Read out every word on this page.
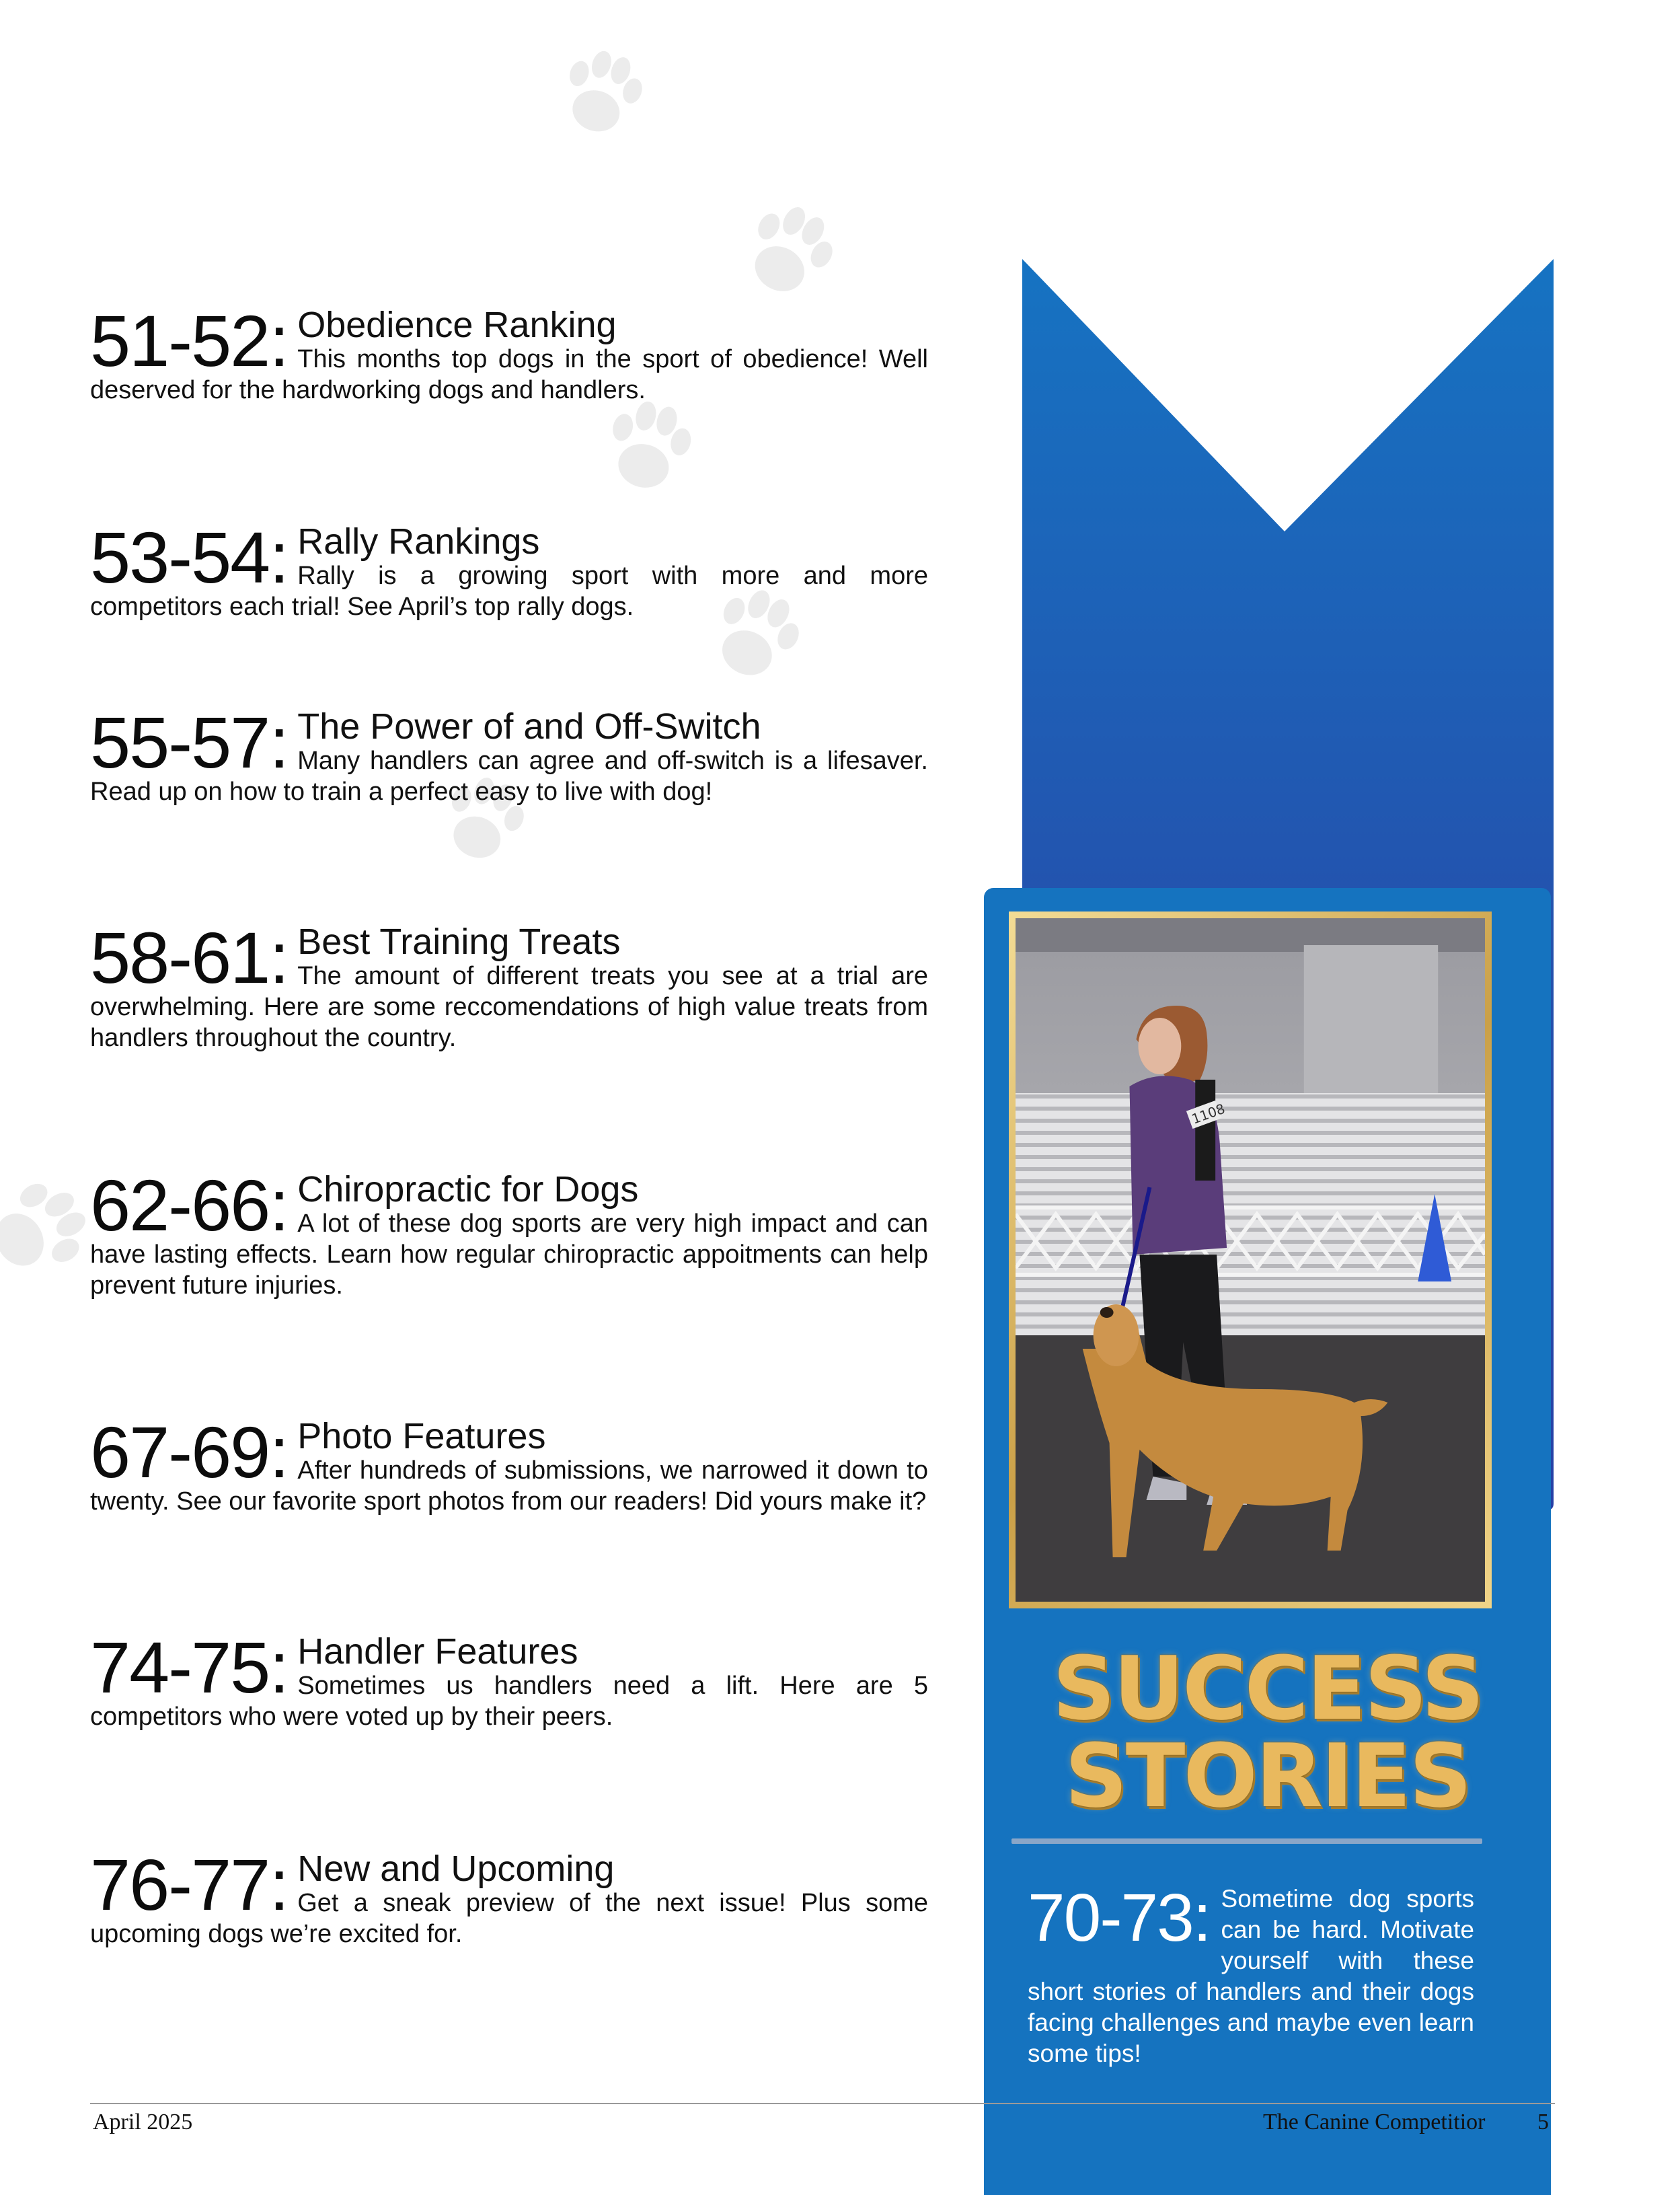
51-52: Obedience Ranking
This months top dogs in the sport of obedience! Well deserved for the hardworking dogs and handlers.
53-54: Rally Rankings
Rally is a growing sport with more and more competitors each trial! See April’s top rally dogs.
55-57: The Power of and Off-Switch
Many handlers can agree and off-switch is a lifesaver. Read up on how to train a perfect easy to live with dog!
58-61: Best Training Treats
The amount of different treats you see at a trial are overwhelming. Here are some reccomendations of high value treats from handlers throughout the country.
62-66: Chiropractic for Dogs
A lot of these dog sports are very high impact and can have lasting effects. Learn how regular chiropractic appoitments can help prevent future injuries.
67-69: Photo Features
After hundreds of submissions, we narrowed it down to twenty. See our favorite sport photos from our readers! Did yours make it?
74-75: Handler Features
Sometimes us handlers need a lift. Here are 5 competitors who were voted up by their peers.
76-77: New and Upcoming
Get a sneak preview of the next issue! Plus some upcoming dogs we’re excited for.
1108
SUCCESS
STORIES
70-73: Sometime dog sports can be hard. Motivate yourself with these short stories of handlers and their dogs facing challenges and maybe even learn some tips!
April 2025	The Canine Competitior	5
